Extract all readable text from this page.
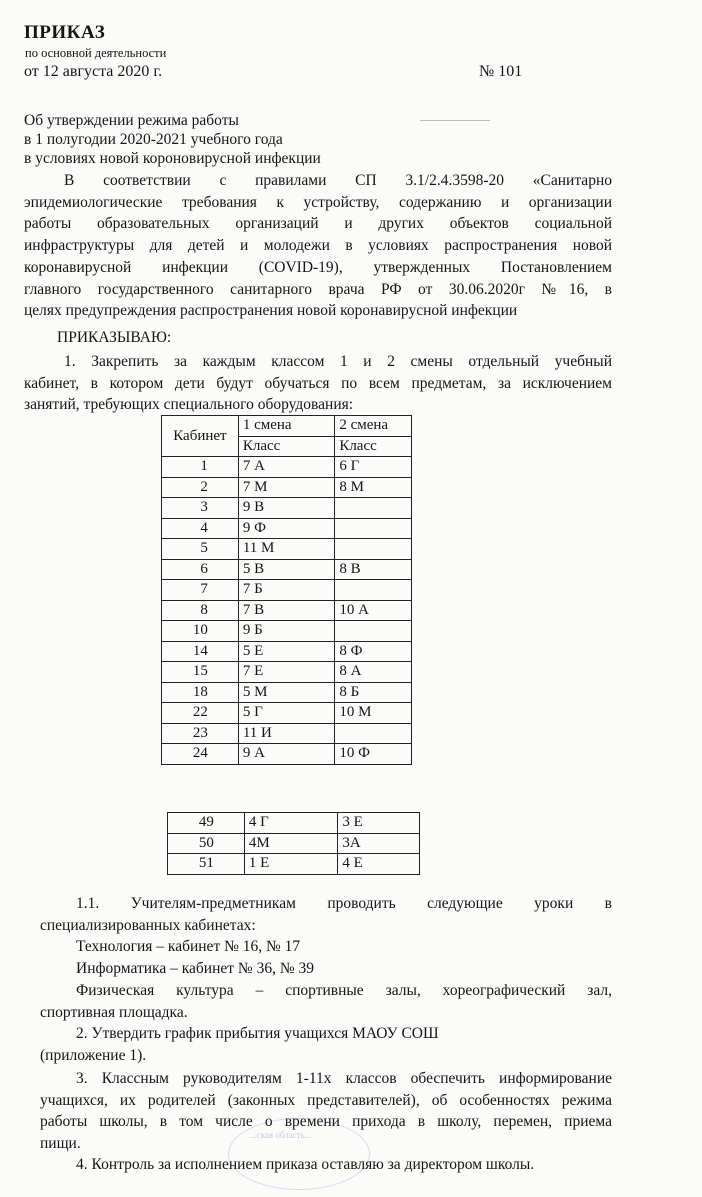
ПРИКАЗ
по основной деятельности
от 12 августа 2020 г.	№ 101
Об утверждении режима работы
в 1 полугодии 2020-2021 учебного года
в условиях новой короновирусной инфекции
В соответствии с правилами СП 3.1/2.4.3598-20 «Санитарно
эпидемиологические требования к устройству, содержанию и организации
работы образовательных организаций и других объектов социальной
инфраструктуры для детей и молодежи в условиях распространения новой
коронавирусной инфекции (COVID-19), утвержденных Постановлением
главного государственного санитарного врача РФ от 30.06.2020г №16, в
целях предупреждения распространения новой коронавирусной инфекции
ПРИКАЗЫВАЮ:
1. Закрепить за каждым классом 1 и 2 смены отдельный учебный
кабинет, в котором дети будут обучаться по всем предметам, за исключением
занятий, требующих специального оборудования:
Кабинет	1 смена	2 смена
	Класс	Класс
1	7 А	6 Г
2	7 М	8 М
3	9 В	
4	9 Ф	
5	11 М	
6	5 В	8 В
7	7 Б	
8	7 В	10 А
10	9 Б	
14	5 Е	8 Ф
15	7 Е	8 А
18	5 М	8 Б
22	5 Г	10 М
23	11 И	
24	9 А	10 Ф
49	4 Г	3 Е
50	4М	3А
51	1 Е	4 Е
1.1. Учителям-предметникам проводить следующие уроки в
специализированных кабинетах:
Технология – кабинет № 16, № 17
Информатика – кабинет № 36, № 39
Физическая культура – спортивные залы, хореографический зал,
спортивная площадка.
2. Утвердить график прибытия учащихся МАОУ СОШ
(приложение 1).
3. Классным руководителям 1-11х классов обеспечить информирование
учащихся, их родителей (законных представителей), об особенностях режима
работы школы, в том числе о времени прихода в школу, перемен, приема
пищи.
...ская область...
4. Контроль за исполнением приказа оставляю за директором школы.
